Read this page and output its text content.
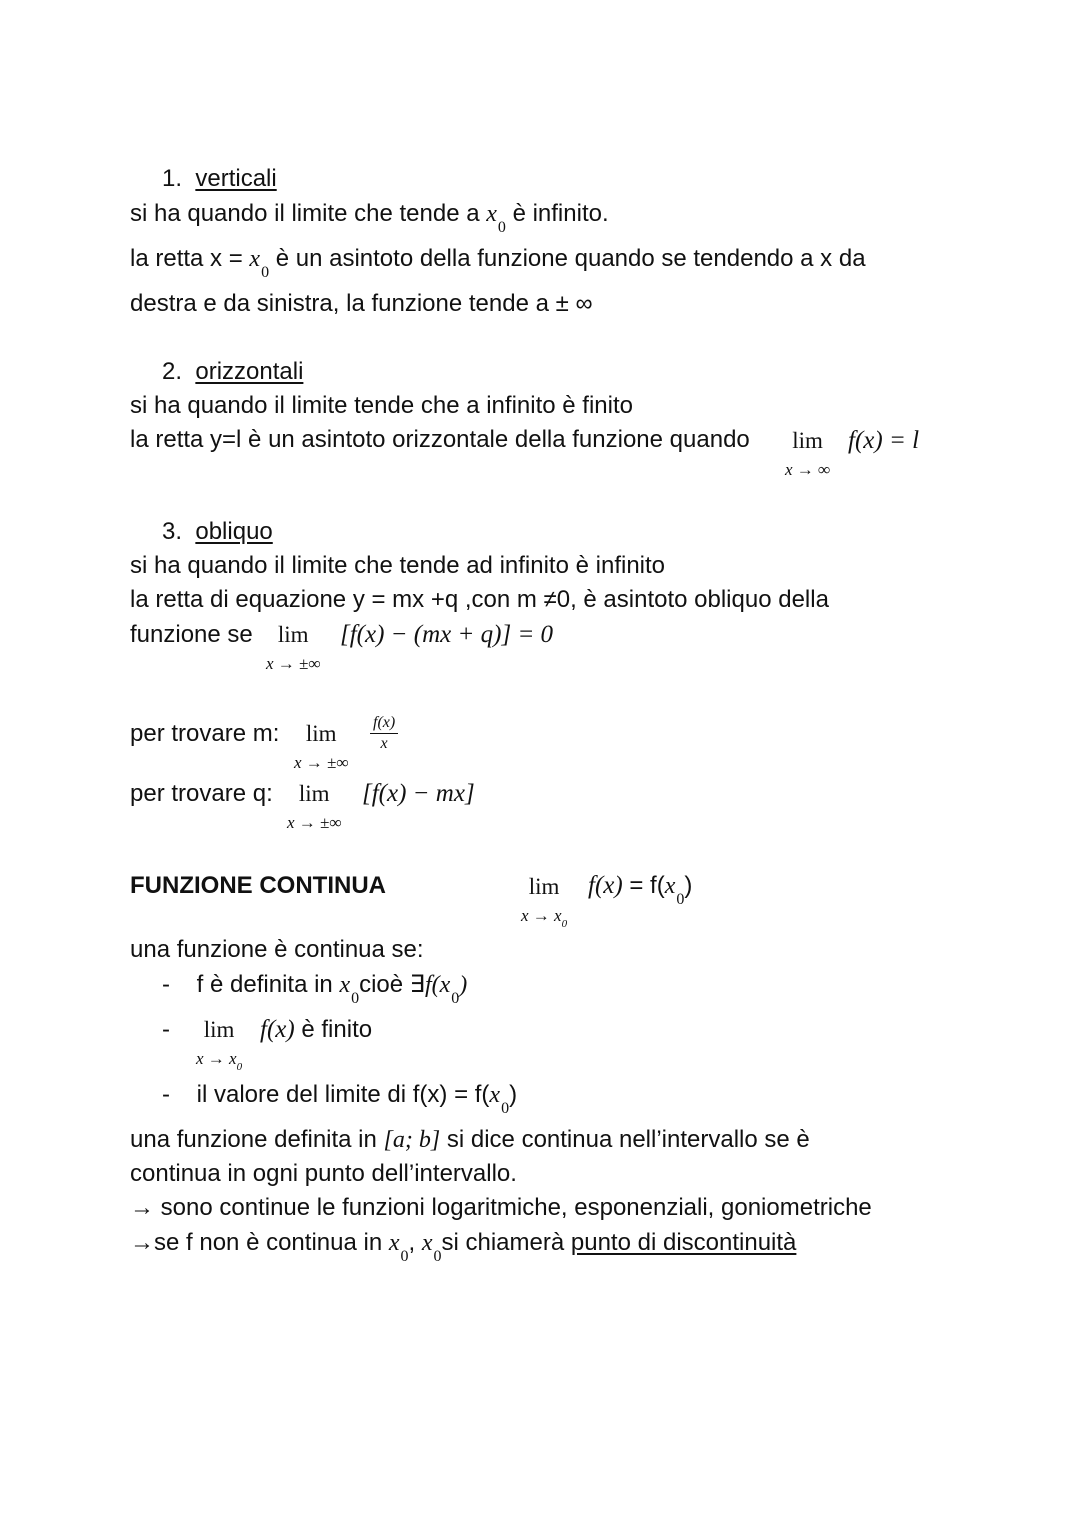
1. verticali
si ha quando il limite che tende a $x_0$ è infinito.
la retta $x = x_0$ è un asintoto della funzione quando se tendendo a x da
destra e da sinistra, la funzione tende a ± ∞
2. orizzontali
si ha quando il limite tende che a infinito è finito
la retta y=l è un asintoto orizzontale della funzione quando	lim
x → ∞
f(x) = l
3. obliquo
si ha quando il limite che tende ad infinito è infinito
la retta di equazione y = mx +q ,con m ≠0, è asintoto obliquo della
funzione se	lim
x → ±∞
[f(x) − (mx + q)] = 0
per trovare m:	lim
x → ±∞
$\frac{f(x)}{x}$
per trovare q:	lim
x → ±∞
[f(x) − mx]
FUNZIONE CONTINUA	lim
$x \to x_0$
$f(x) = f(x_0)$
una funzione è continua se:
- f è definita in $x_0cioè$ $\exists f(x_0)$
-	lim
$x \to x_0$
f(x) è finito
- il valore del limite di $f(x) = f(x_0)$
una funzione definita in [a; b] si dice continua nell’intervallo se è
continua in ogni punto dell’intervallo.
→ sono continue le funzioni logaritmiche, esponenziali, goniometriche
→se f non è continua in $x_0$, $x_0si$ chiamerà punto di discontinuità
